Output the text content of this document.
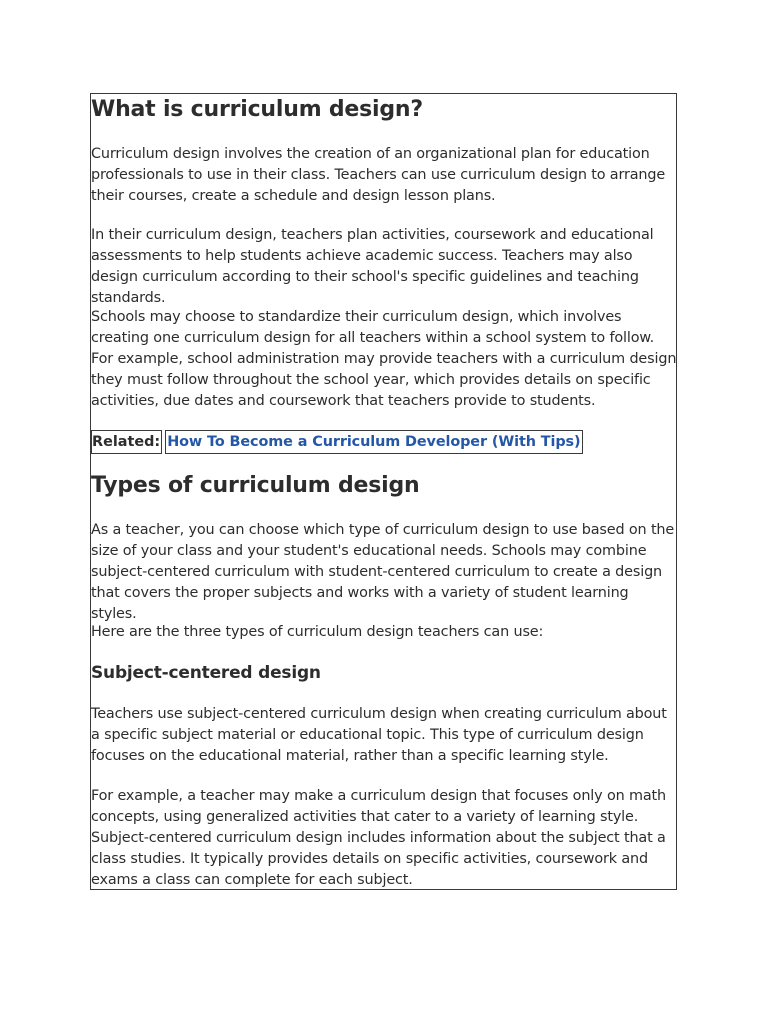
What is curriculum design?

Curriculum design involves the creation of an organizational plan for education professionals to use in their class. Teachers can use curriculum design to arrange their courses, create a schedule and design lesson plans.

In their curriculum design, teachers plan activities, coursework and educational assessments to help students achieve academic success. Teachers may also design curriculum according to their school's specific guidelines and teaching standards.

Schools may choose to standardize their curriculum design, which involves creating one curriculum design for all teachers within a school system to follow. For example, school administration may provide teachers with a curriculum design they must follow throughout the school year, which provides details on specific activities, due dates and coursework that teachers provide to students.

Related: How To Become a Curriculum Developer (With Tips)
Types of curriculum design

As a teacher, you can choose which type of curriculum design to use based on the size of your class and your student's educational needs. Schools may combine subject-centered curriculum with student-centered curriculum to create a design that covers the proper subjects and works with a variety of student learning styles.

Here are the three types of curriculum design teachers can use:

Subject-centered design

Teachers use subject-centered curriculum design when creating curriculum about a specific subject material or educational topic. This type of curriculum design focuses on the educational material, rather than a specific learning style.

For example, a teacher may make a curriculum design that focuses only on math concepts, using generalized activities that cater to a variety of learning style. Subject-centered curriculum design includes information about the subject that a class studies. It typically provides details on specific activities, coursework and exams a class can complete for each subject.
